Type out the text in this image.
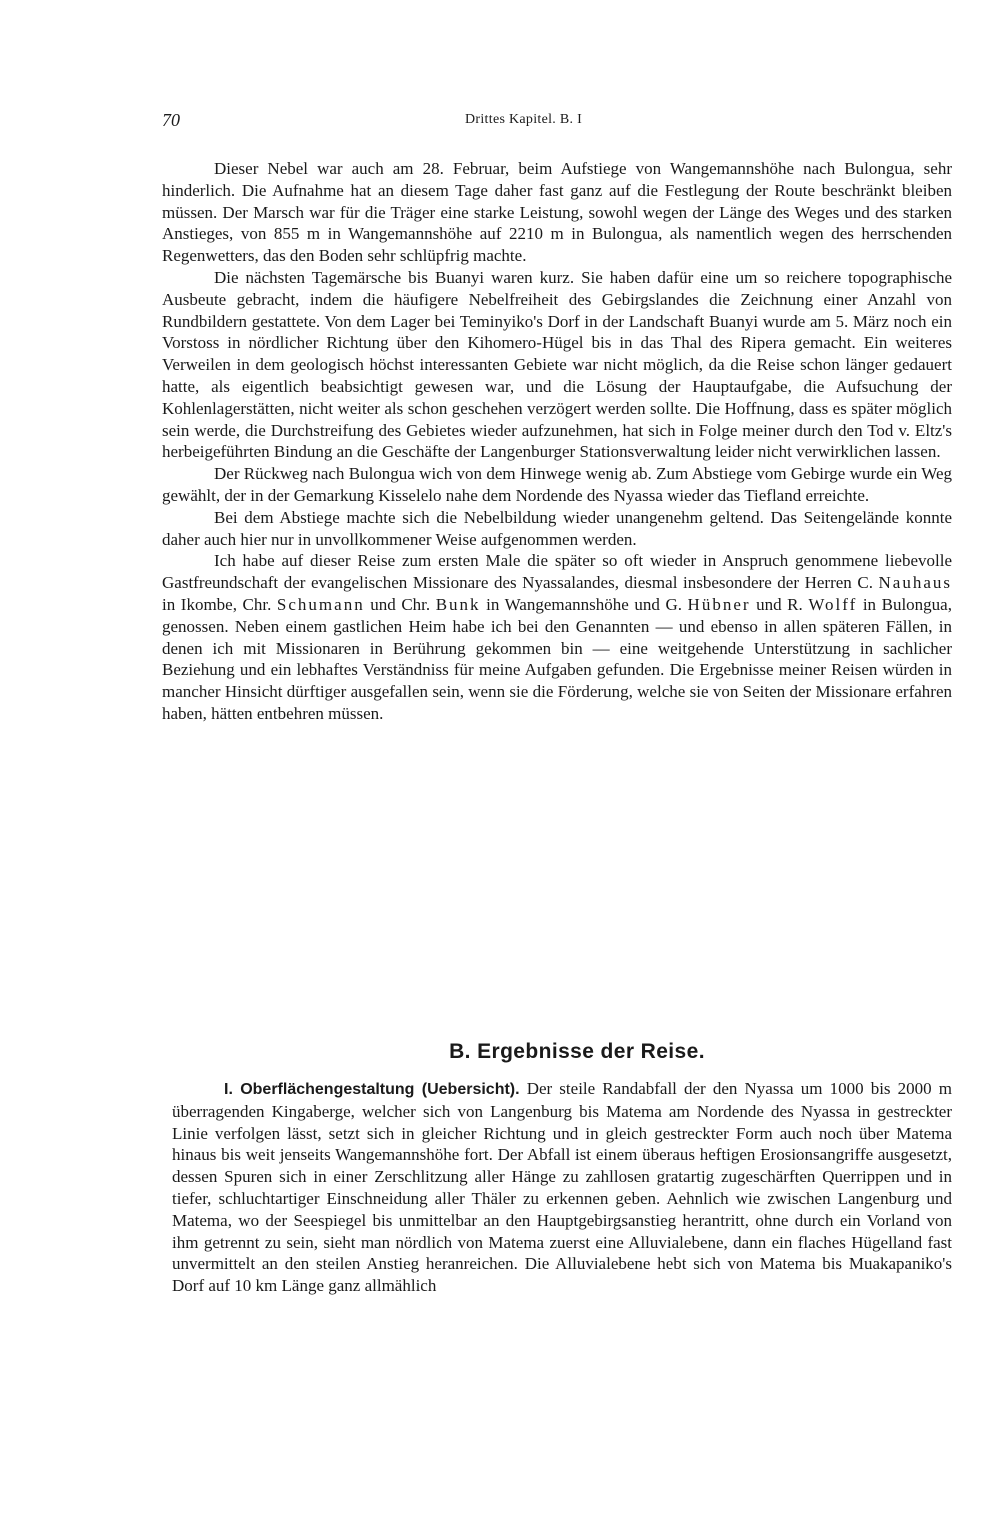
70	Drittes Kapitel. B. I

Dieser Nebel war auch am 28. Februar, beim Aufstiege von Wangemannshöhe nach Bulongua, sehr hinderlich. Die Aufnahme hat an diesem Tage daher fast ganz auf die Festlegung der Route beschränkt bleiben müssen. Der Marsch war für die Träger eine starke Leistung, sowohl wegen der Länge des Weges und des starken Anstieges, von 855 m in Wangemannshöhe auf 2210 m in Bulongua, als namentlich wegen des herrschenden Regenwetters, das den Boden sehr schlüpfrig machte.

Die nächsten Tagemärsche bis Buanyi waren kurz. Sie haben dafür eine um so reichere topographische Ausbeute gebracht, indem die häufigere Nebelfreiheit des Gebirgslandes die Zeichnung einer Anzahl von Rundbildern gestattete. Von dem Lager bei Teminyiko's Dorf in der Landschaft Buanyi wurde am 5. März noch ein Vorstoss in nördlicher Richtung über den Kihomero-Hügel bis in das Thal des Ripera gemacht. Ein weiteres Verweilen in dem geologisch höchst interessanten Gebiete war nicht möglich, da die Reise schon länger gedauert hatte, als eigentlich beabsichtigt gewesen war, und die Lösung der Hauptaufgabe, die Aufsuchung der Kohlenlagerstätten, nicht weiter als schon geschehen verzögert werden sollte. Die Hoffnung, dass es später möglich sein werde, die Durchstreifung des Gebietes wieder aufzunehmen, hat sich in Folge meiner durch den Tod v. Eltz's herbeigeführten Bindung an die Geschäfte der Langenburger Stationsverwaltung leider nicht verwirklichen lassen.

Der Rückweg nach Bulongua wich von dem Hinwege wenig ab. Zum Abstiege vom Gebirge wurde ein Weg gewählt, der in der Gemarkung Kisselelo nahe dem Nordende des Nyassa wieder das Tiefland erreichte.

Bei dem Abstiege machte sich die Nebelbildung wieder unangenehm geltend. Das Seitengelände konnte daher auch hier nur in unvollkommener Weise aufgenommen werden.

Ich habe auf dieser Reise zum ersten Male die später so oft wieder in Anspruch genommene liebevolle Gastfreundschaft der evangelischen Missionare des Nyassalandes, diesmal insbesondere der Herren C. Nauhaus in Ikombe, Chr. Schumann und Chr. Bunk in Wangemannshöhe und G. Hübner und R. Wolff in Bulongua, genossen. Neben einem gastlichen Heim habe ich bei den Genannten — und ebenso in allen späteren Fällen, in denen ich mit Missionaren in Berührung gekommen bin — eine weitgehende Unterstützung in sachlicher Beziehung und ein lebhaftes Verständniss für meine Aufgaben gefunden. Die Ergebnisse meiner Reisen würden in mancher Hinsicht dürftiger ausgefallen sein, wenn sie die Förderung, welche sie von Seiten der Missionare erfahren haben, hätten entbehren müssen.

B. Ergebnisse der Reise.

I. Oberflächengestaltung (Uebersicht). Der steile Randabfall der den Nyassa um 1000 bis 2000 m überragenden Kingaberge, welcher sich von Langenburg bis Matema am Nordende des Nyassa in gestreckter Linie verfolgen lässt, setzt sich in gleicher Richtung und in gleich gestreckter Form auch noch über Matema hinaus bis weit jenseits Wangemannshöhe fort. Der Abfall ist einem überaus heftigen Erosionsangriffe ausgesetzt, dessen Spuren sich in einer Zerschlitzung aller Hänge zu zahllosen gratartig zugeschärften Querrippen und in tiefer, schluchtartiger Einschneidung aller Thäler zu erkennen geben. Aehnlich wie zwischen Langenburg und Matema, wo der Seespiegel bis unmittelbar an den Hauptgebirgsanstieg herantritt, ohne durch ein Vorland von ihm getrennt zu sein, sieht man nördlich von Matema zuerst eine Alluvialebene, dann ein flaches Hügelland fast unvermittelt an den steilen Anstieg heranreichen. Die Alluvialebene hebt sich von Matema bis Muakapaniko's Dorf auf 10 km Länge ganz allmählich
